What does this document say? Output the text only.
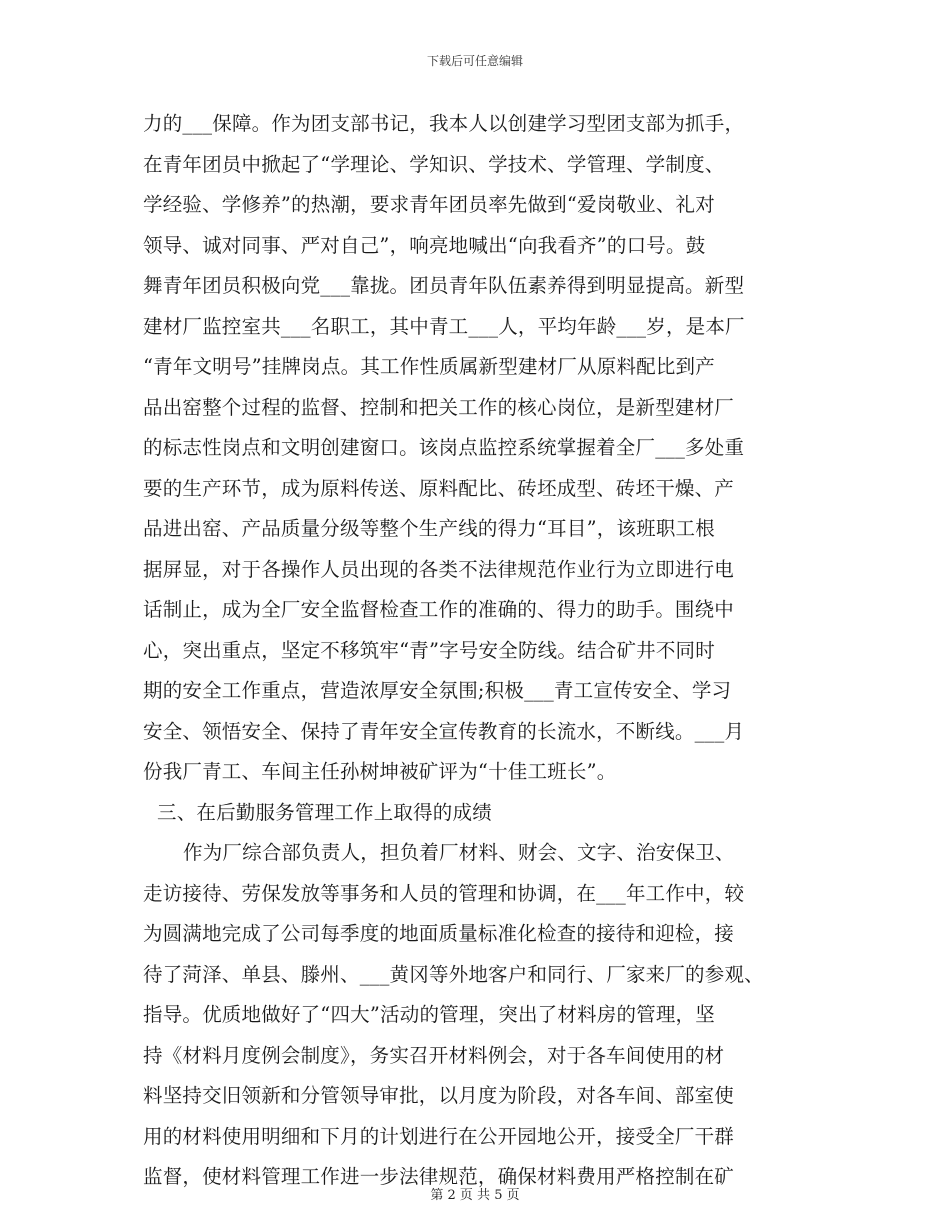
下载后可任意编辑
力的___保障。作为团支部书记，我本人以创建学习型团支部为抓手，
在青年团员中掀起了“学理论、学知识、学技术、学管理、学制度、
学经验、学修养”的热潮，要求青年团员率先做到“爱岗敬业、礼对
领导、诚对同事、严对自己”，响亮地喊出“向我看齐”的口号。鼓
舞青年团员积极向党___靠拢。团员青年队伍素养得到明显提高。新型
建材厂监控室共___名职工，其中青工___人，平均年龄___岁，是本厂
“青年文明号”挂牌岗点。其工作性质属新型建材厂从原料配比到产
品出窑整个过程的监督、控制和把关工作的核心岗位，是新型建材厂
的标志性岗点和文明创建窗口。该岗点监控系统掌握着全厂___多处重
要的生产环节，成为原料传送、原料配比、砖坯成型、砖坯干燥、产
品进出窑、产品质量分级等整个生产线的得力“耳目”，该班职工根
据屏显，对于各操作人员出现的各类不法律规范作业行为立即进行电
话制止，成为全厂安全监督检查工作的准确的、得力的助手。围绕中
心，突出重点，坚定不移筑牢“青”字号安全防线。结合矿井不同时
期的安全工作重点，营造浓厚安全氛围;积极___青工宣传安全、学习
安全、领悟安全、保持了青年安全宣传教育的长流水，不断线。___月
份我厂青工、车间主任孙树坤被矿评为“十佳工班长”。
三、在后勤服务管理工作上取得的成绩
作为厂综合部负责人，担负着厂材料、财会、文字、治安保卫、
走访接待、劳保发放等事务和人员的管理和协调，在___年工作中，较
为圆满地完成了公司每季度的地面质量标准化检查的接待和迎检，接
待了菏泽、单县、滕州、___黄冈等外地客户和同行、厂家来厂的参观、
指导。优质地做好了“四大”活动的管理，突出了材料房的管理，坚
持《材料月度例会制度》，务实召开材料例会，对于各车间使用的材
料坚持交旧领新和分管领导审批，以月度为阶段，对各车间、部室使
用的材料使用明细和下月的计划进行在公开园地公开，接受全厂干群
监督，使材料管理工作进一步法律规范，确保材料费用严格控制在矿
第 2 页 共 5 页
